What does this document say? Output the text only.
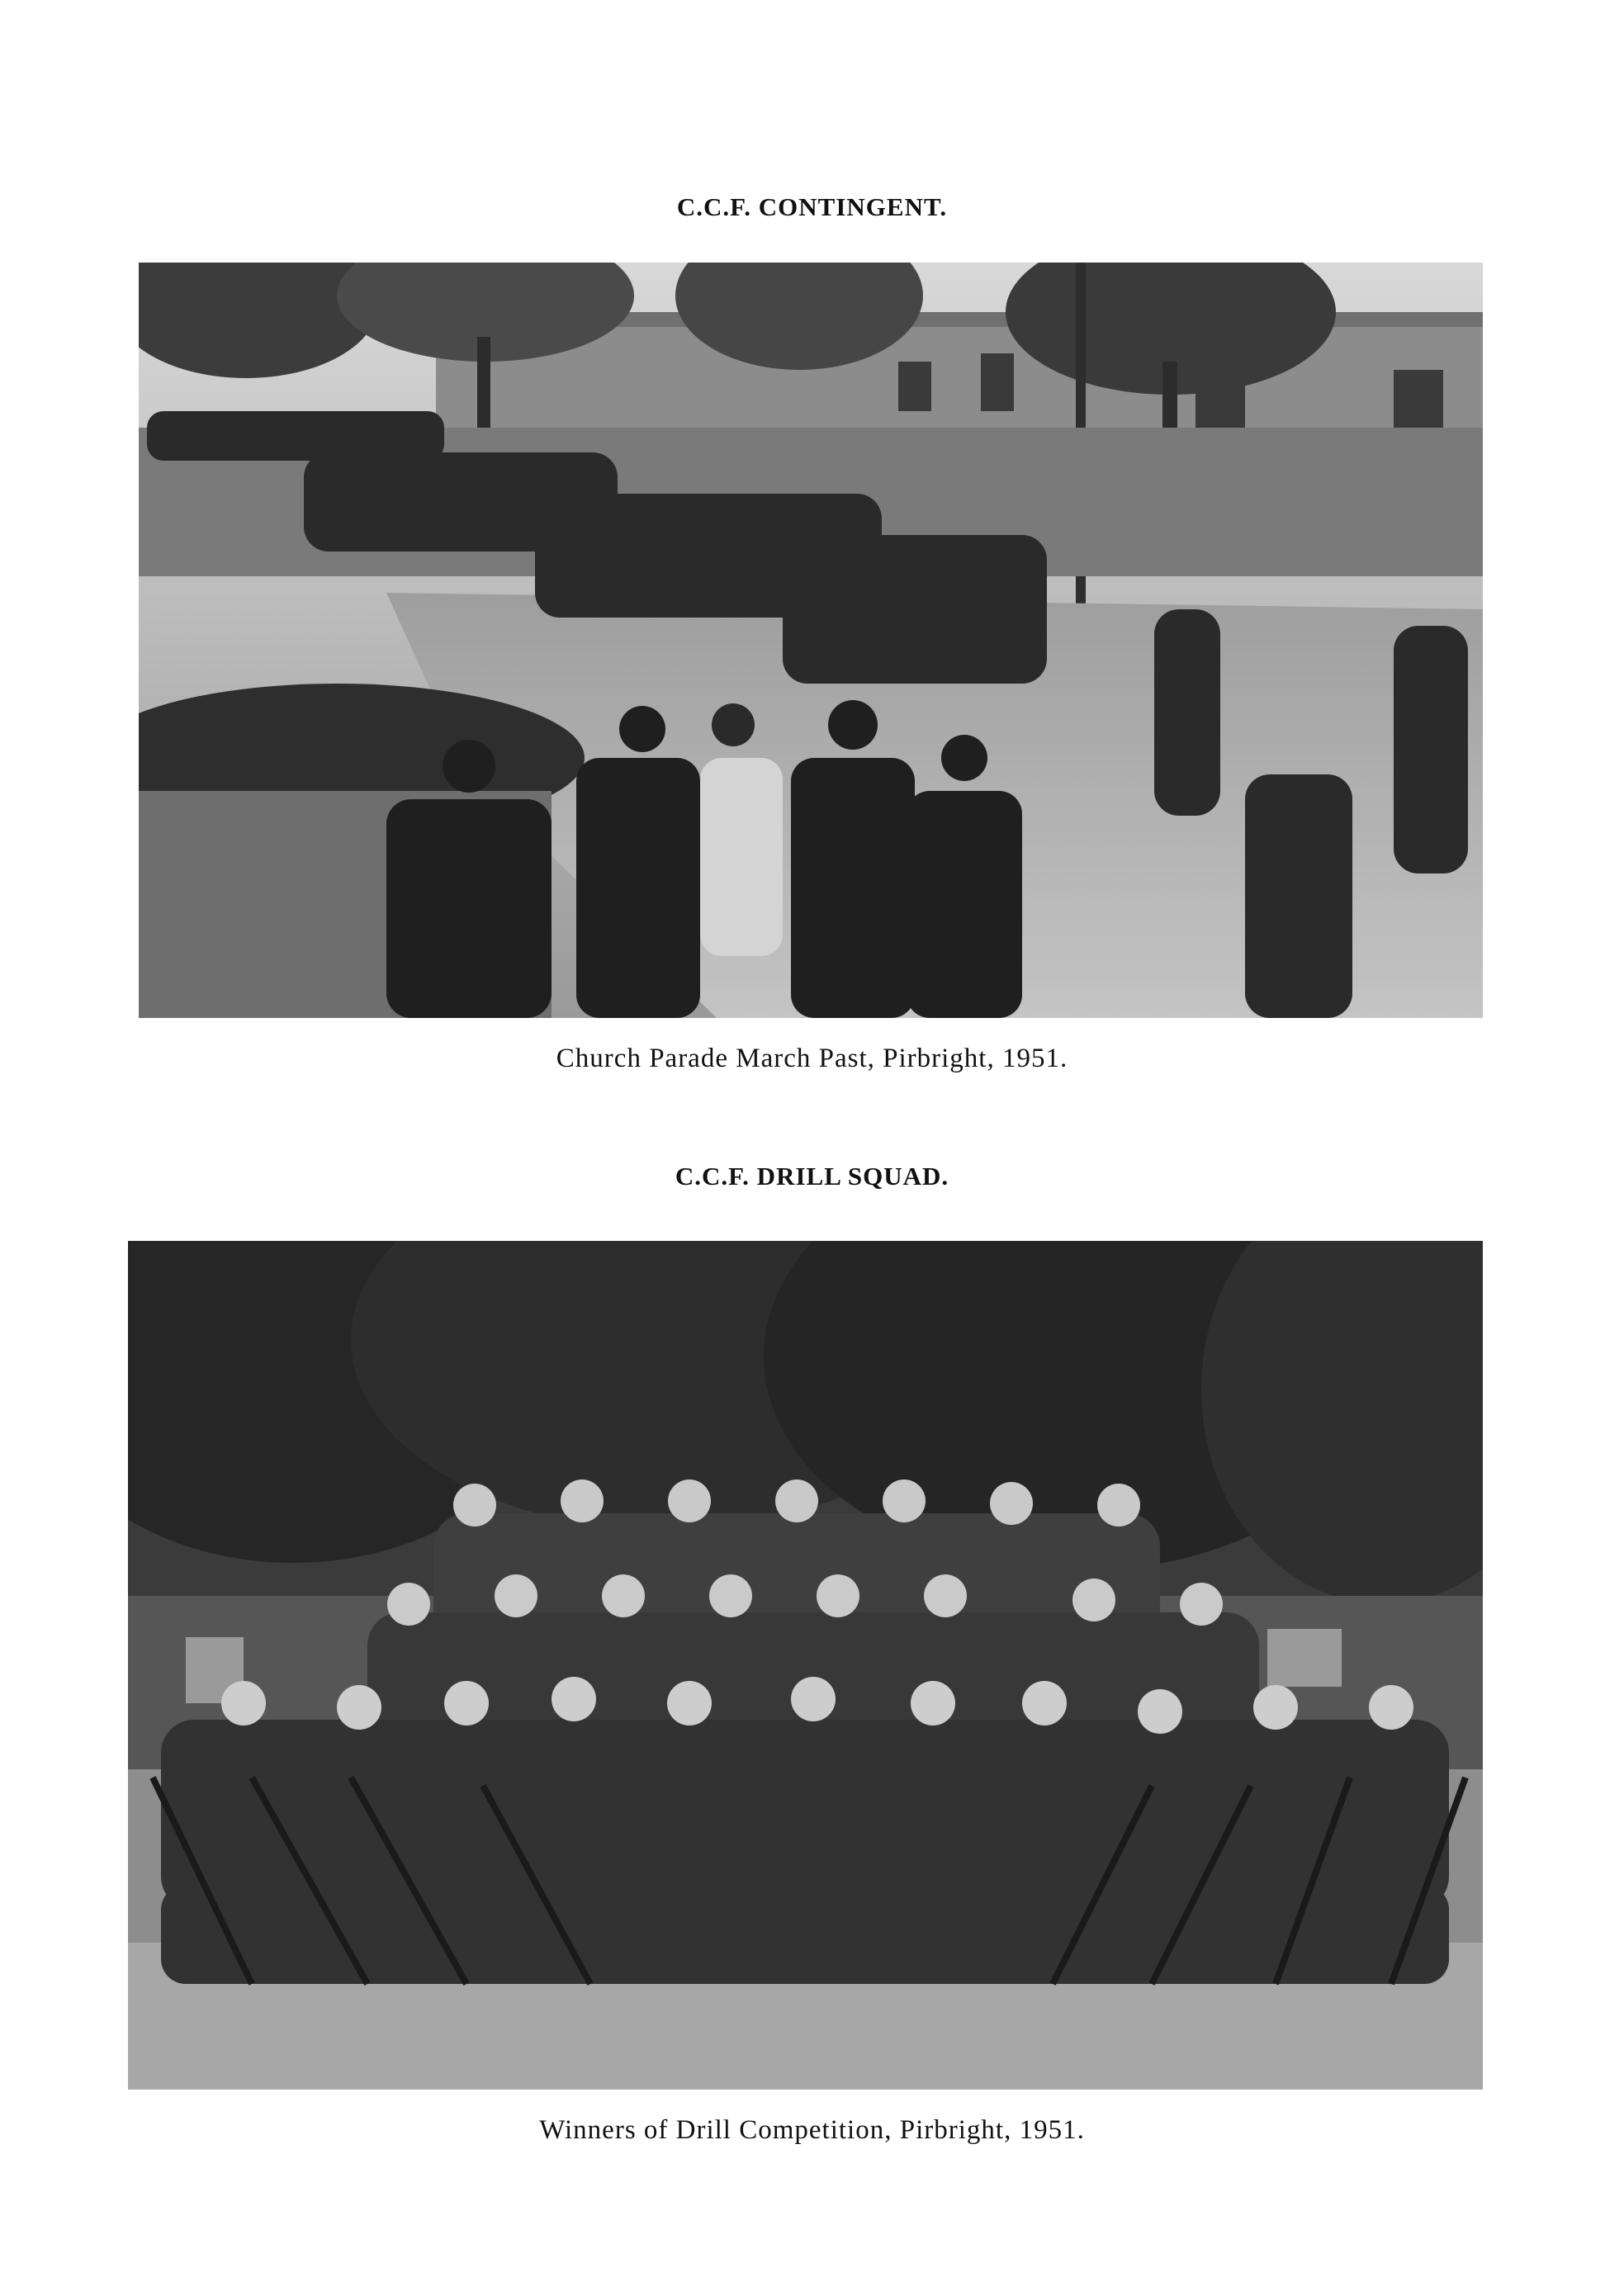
C.C.F. CONTINGENT.
Church Parade March Past, Pirbright, 1951.
C.C.F. DRILL SQUAD.
Winners of Drill Competition, Pirbright, 1951.
